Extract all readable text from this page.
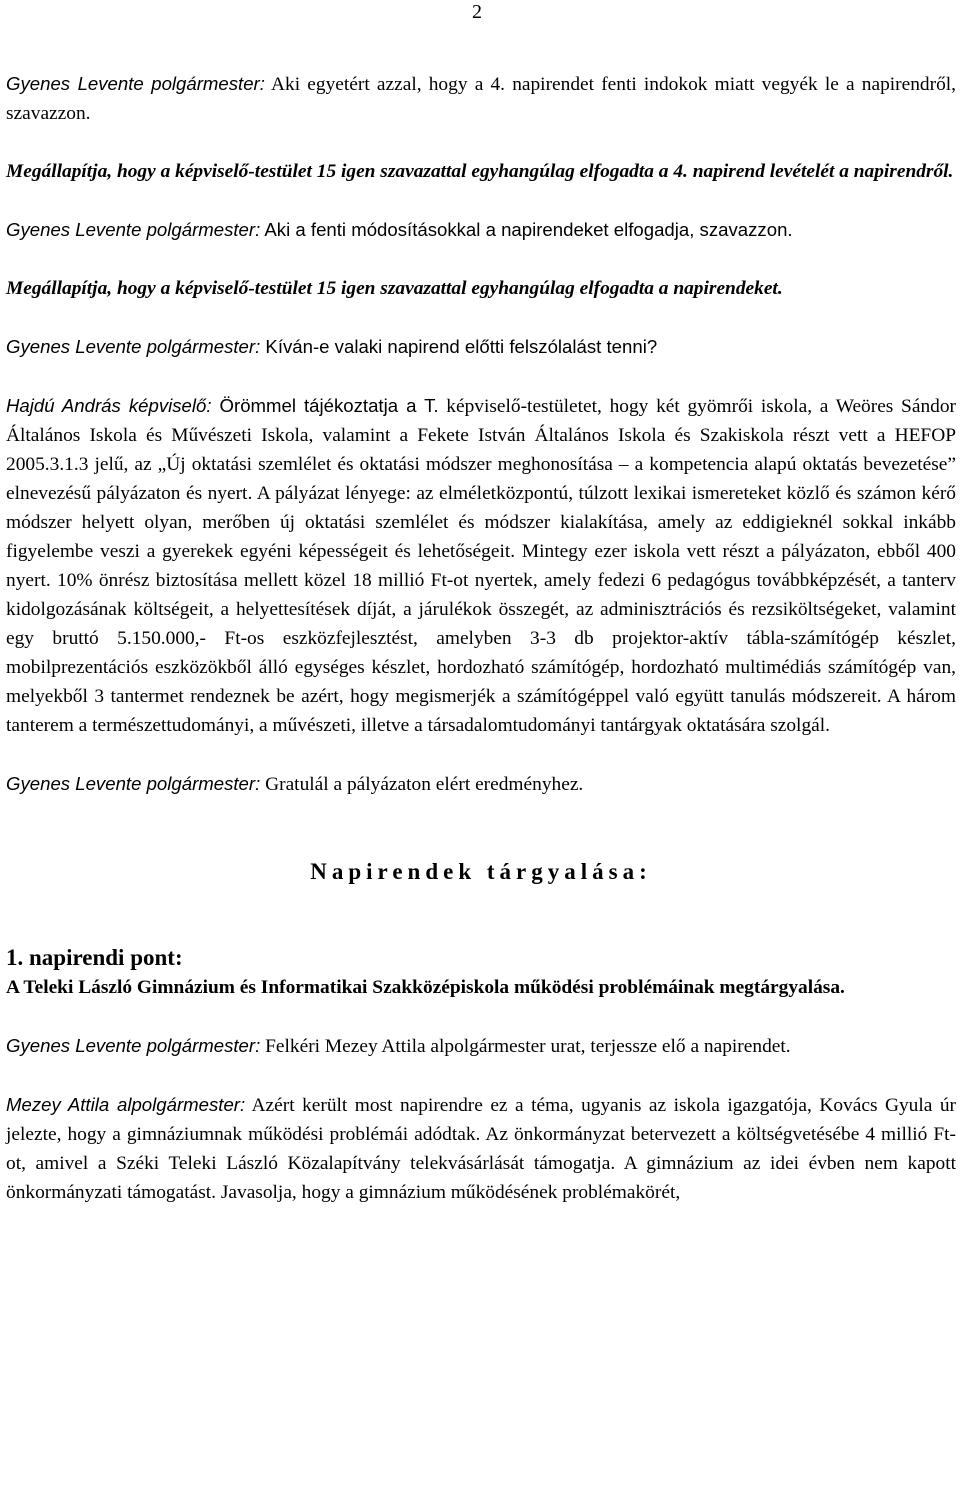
2

Gyenes Levente polgármester: Aki egyetért azzal, hogy a 4. napirendet fenti indokok miatt vegyék le a napirendről, szavazzon.

Megállapítja, hogy a képviselő-testület 15 igen szavazattal egyhangúlag elfogadta a 4. napirend levételét a napirendről.

Gyenes Levente polgármester: Aki a fenti módosításokkal a napirendeket elfogadja, szavazzon.

Megállapítja, hogy a képviselő-testület 15 igen szavazattal egyhangúlag elfogadta a napirendeket.

Gyenes Levente polgármester: Kíván-e valaki napirend előtti felszólalást tenni?

Hajdú András képviselő: Örömmel tájékoztatja a T. képviselő-testületet, hogy két gyömrői iskola, a Weöres Sándor Általános Iskola és Művészeti Iskola, valamint a Fekete István Általános Iskola és Szakiskola részt vett a HEFOP 2005.3.1.3 jelű, az „Új oktatási szemlélet és oktatási módszer meghonosítása – a kompetencia alapú oktatás bevezetése” elnevezésű pályázaton és nyert. A pályázat lényege: az elméletközpontú, túlzott lexikai ismereteket közlő és számon kérő módszer helyett olyan, merőben új oktatási szemlélet és módszer kialakítása, amely az eddigieknél sokkal inkább figyelembe veszi a gyerekek egyéni képességeit és lehetőségeit. Mintegy ezer iskola vett részt a pályázaton, ebből 400 nyert. 10% önrész biztosítása mellett közel 18 millió Ft-ot nyertek, amely fedezi 6 pedagógus továbbképzését, a tanterv kidolgozásának költségeit, a helyettesítések díját, a járulékok összegét, az adminisztrációs és rezsiköltségeket, valamint egy bruttó 5.150.000,- Ft-os eszközfejlesztést, amelyben 3-3 db projektor-aktív tábla-számítógép készlet, mobilprezentációs eszközökből álló egységes készlet, hordozható számítógép, hordozható multimédiás számítógép van, melyekből 3 tantermet rendeznek be azért, hogy megismerjék a számítógéppel való együtt tanulás módszereit. A három tanterem a természettudományi, a művészeti, illetve a társadalomtudományi tantárgyak oktatására szolgál.

Gyenes Levente polgármester: Gratulál a pályázaton elért eredményhez.

Napirendek tárgyalása:

1. napirendi pont:

A Teleki László Gimnázium és Informatikai Szakközépiskola működési problémáinak megtárgyalása.

Gyenes Levente polgármester: Felkéri Mezey Attila alpolgármester urat, terjessze elő a napirendet.

Mezey Attila alpolgármester: Azért került most napirendre ez a téma, ugyanis az iskola igazgatója, Kovács Gyula úr jelezte, hogy a gimnáziumnak működési problémái adódtak. Az önkormányzat betervezett a költségvetésébe 4 millió Ft-ot, amivel a Széki Teleki László Közalapítvány telekvásárlását támogatja. A gimnázium az idei évben nem kapott önkormányzati támogatást. Javasolja, hogy a gimnázium működésének problémakörét,
